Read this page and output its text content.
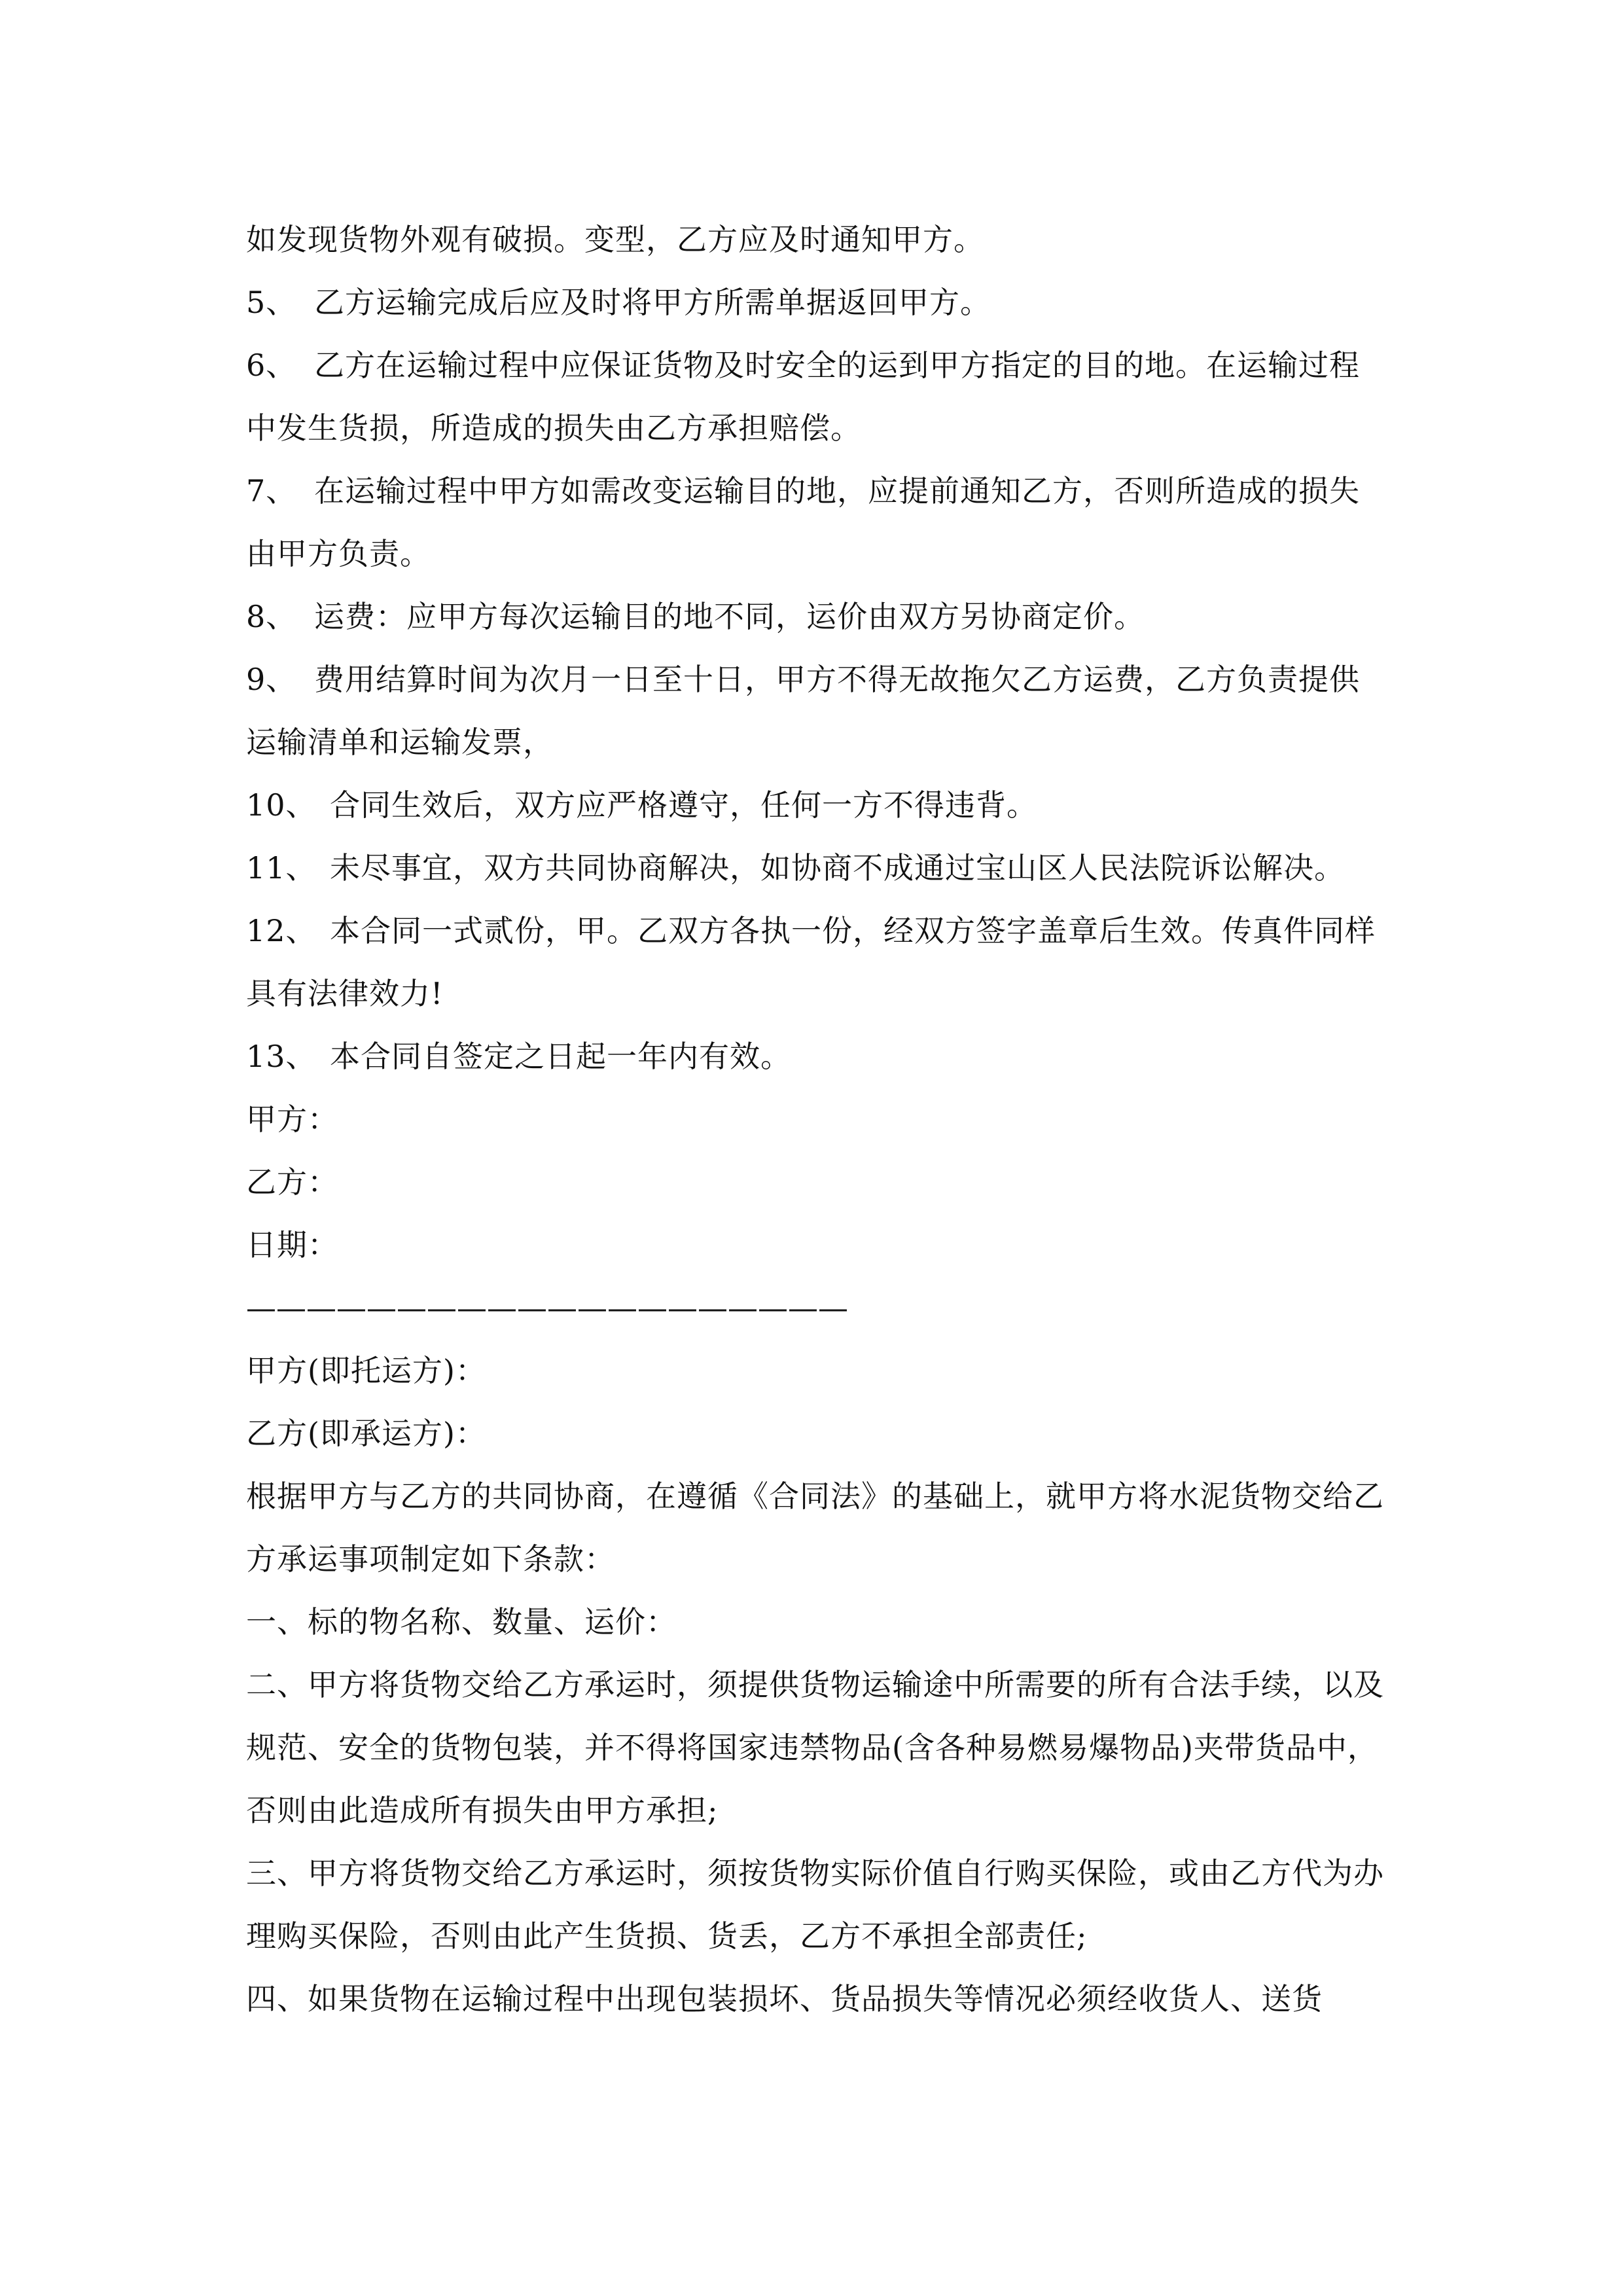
如发现货物外观有破损。变型，乙方应及时通知甲方。

5、 乙方运输完成后应及时将甲方所需单据返回甲方。

6、 乙方在运输过程中应保证货物及时安全的运到甲方指定的目的地。在运输过程中发生货损，所造成的损失由乙方承担赔偿。

7、 在运输过程中甲方如需改变运输目的地，应提前通知乙方，否则所造成的损失由甲方负责。

8、 运费：应甲方每次运输目的地不同，运价由双方另协商定价。

9、 费用结算时间为次月一日至十日，甲方不得无故拖欠乙方运费，乙方负责提供运输清单和运输发票，

10、 合同生效后，双方应严格遵守，任何一方不得违背。

11、 未尽事宜，双方共同协商解决，如协商不成通过宝山区人民法院诉讼解决。

12、 本合同一式贰份，甲。乙双方各执一份，经双方签字盖章后生效。传真件同样具有法律效力!

13、 本合同自签定之日起一年内有效。

甲方：

乙方：

日期：

————————————————————

甲方(即托运方)：

乙方(即承运方)：

根据甲方与乙方的共同协商，在遵循《合同法》的基础上，就甲方将水泥货物交给乙方承运事项制定如下条款：

一、标的物名称、数量、运价：

二、甲方将货物交给乙方承运时，须提供货物运输途中所需要的所有合法手续，以及规范、安全的货物包装，并不得将国家违禁物品(含各种易燃易爆物品)夹带货品中，否则由此造成所有损失由甲方承担;

三、甲方将货物交给乙方承运时，须按货物实际价值自行购买保险，或由乙方代为办理购买保险，否则由此产生货损、货丢，乙方不承担全部责任;

四、如果货物在运输过程中出现包装损坏、货品损失等情况必须经收货人、送货
